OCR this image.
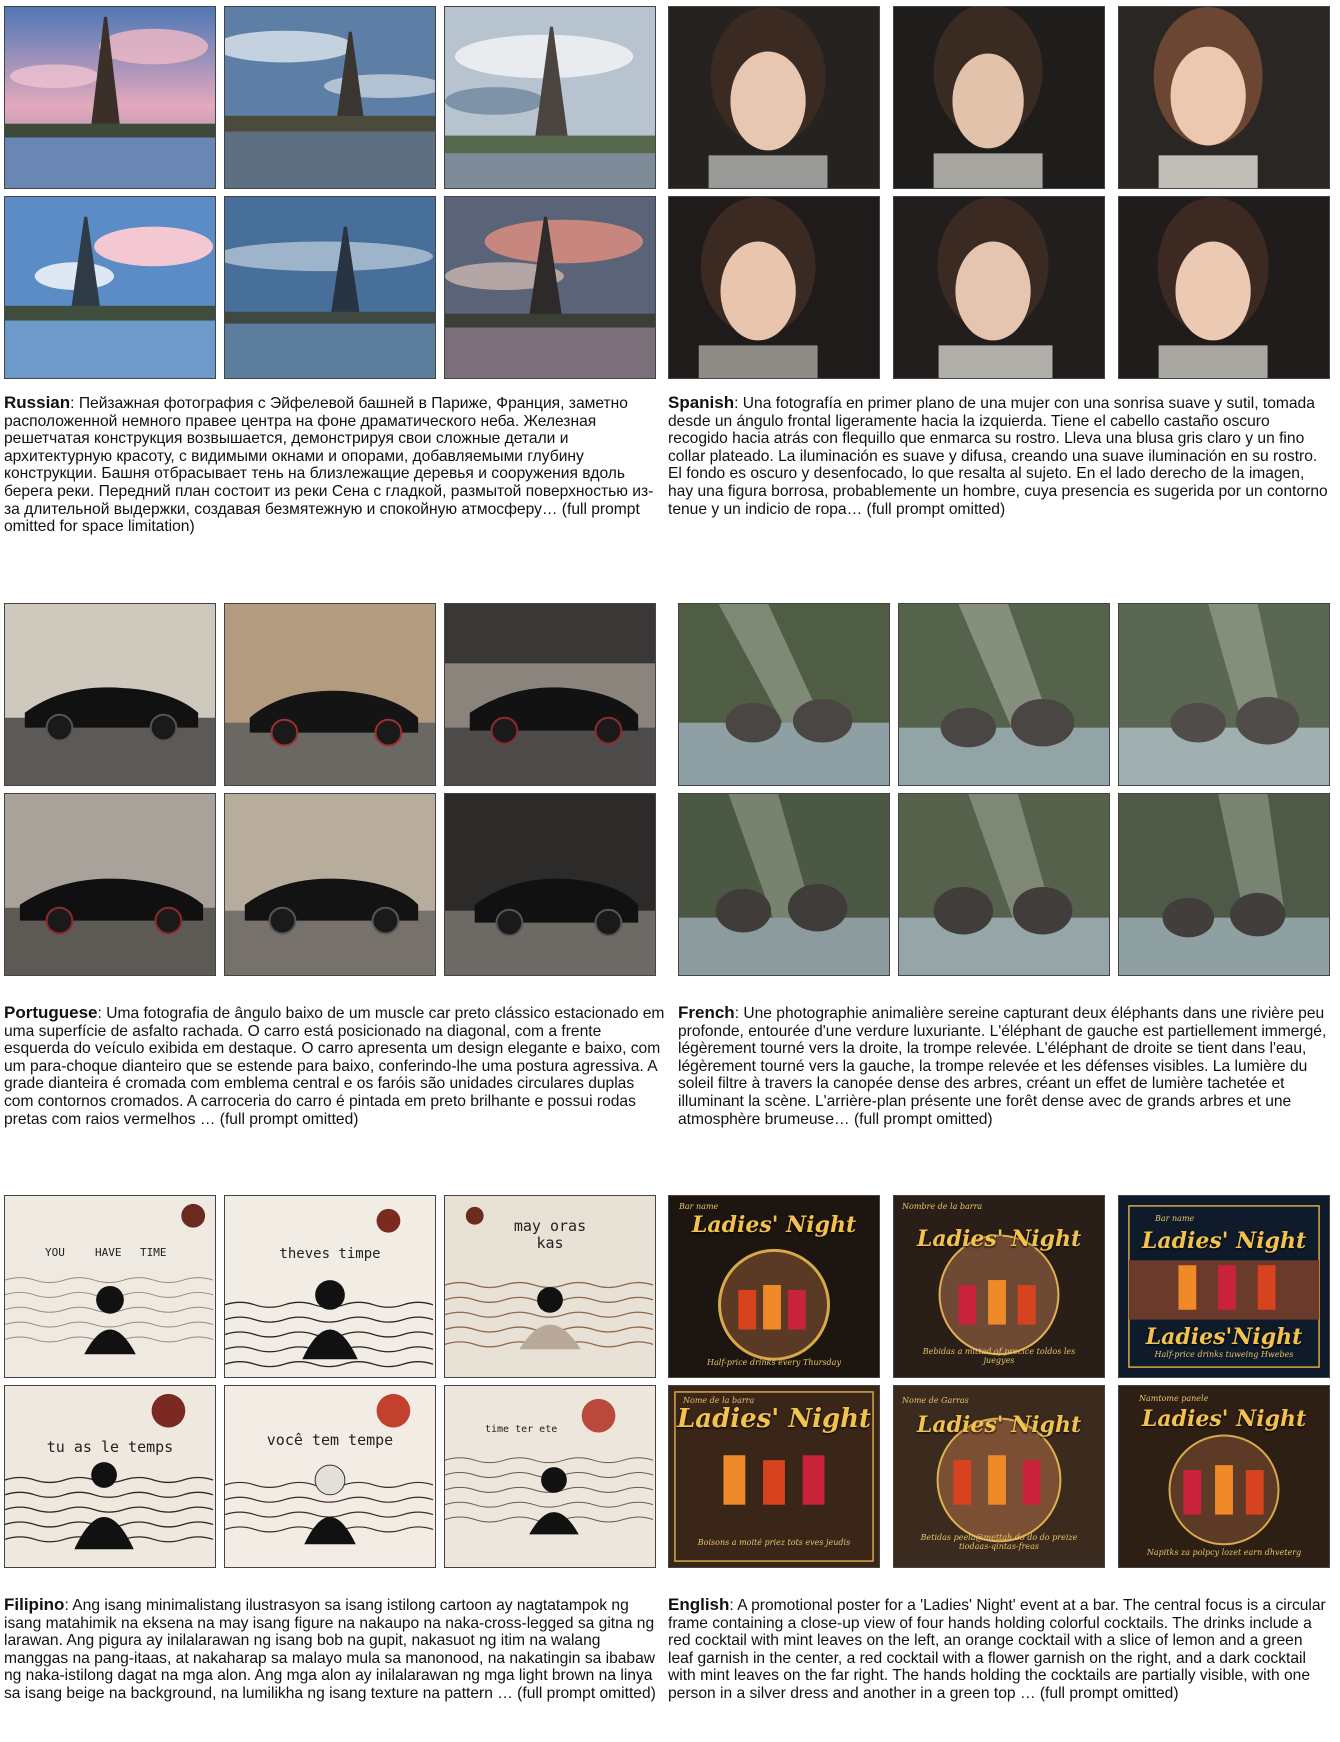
Russian: Пейзажная фотография с Эйфелевой башней в Париже, Франция, заметно расположенной немного правее центра на фоне драматического неба. Железная решетчатая конструкция возвышается, демонстрируя свои сложные детали и архитектурную красоту, с видимыми окнами и опорами, добавляемыми глубину конструкции. Башня отбрасывает тень на близлежащие деревья и сооружения вдоль берега реки. Передний план состоит из реки Сена с гладкой, размытой поверхностью из-за длительной выдержки, создавая безмятежную и спокойную атмосферу… (full prompt omitted for space limitation)
Spanish: Una fotografía en primer plano de una mujer con una sonrisa suave y sutil, tomada desde un ángulo frontal ligeramente hacia la izquierda. Tiene el cabello castaño oscuro recogido hacia atrás con flequillo que enmarca su rostro. Lleva una blusa gris claro y un fino collar plateado. La iluminación es suave y difusa, creando una suave iluminación en su rostro. El fondo es oscuro y desenfocado, lo que resalta al sujeto. En el lado derecho de la imagen, hay una figura borrosa, probablemente un hombre, cuya presencia es sugerida por un contorno tenue y un indicio de ropa… (full prompt omitted)
Portuguese: Uma fotografia de ângulo baixo de um muscle car preto clássico estacionado em uma superfície de asfalto rachada. O carro está posicionado na diagonal, com a frente esquerda do veículo exibida em destaque. O carro apresenta um design elegante e baixo, com um para-choque dianteiro que se estende para baixo, conferindo-lhe uma postura agressiva. A grade dianteira é cromada com emblema central e os faróis são unidades circulares duplas com contornos cromados. A carroceria do carro é pintada em preto brilhante e possui rodas pretas com raios vermelhos … (full prompt omitted)
French: Une photographie animalière sereine capturant deux éléphants dans une rivière peu profonde, entourée d'une verdure luxuriante. L'éléphant de gauche est partiellement immergé, légèrement tourné vers la droite, la trompe relevée. L'éléphant de droite se tient dans l'eau, légèrement tourné vers la gauche, la trompe relevée et les défenses visibles. La lumière du soleil filtre à travers la canopée dense des arbres, créant un effet de lumière tachetée et illuminant la scène. L'arrière-plan présente une forêt dense avec de grands arbres et une atmosphère brumeuse… (full prompt omitted)
YOU	HAVE TIME	theves timpe
may oras
kas
tu as le temps	você tem tempe
time ter ete
Filipino: Ang isang minimalistang ilustrasyon sa isang istilong cartoon ay nagtatampok ng isang matahimik na eksena na may isang figure na nakaupo na naka-cross-legged sa gitna ng larawan. Ang pigura ay inilalarawan ng isang bob na gupit, nakasuot ng itim na walang manggas na pang-itaas, at nakaharap sa malayo mula sa manonood, na nakatingin sa ibabaw ng naka-istilong dagat na mga alon. Ang mga alon ay inilalarawan ng mga light brown na linya sa isang beige na background, na lumilikha ng isang texture na pattern … (full prompt omitted)
Bar name
Ladies' Night
Half-price drinks every Thursday
Nombre de la barra
Ladies' Night
Bebidas a mittad of precice toldos les juegyes
Bar name
Ladies' Night
Ladies'Night
Half-price drinks tuweing Hwebes
Nome de la barra
Ladies' Night
Boisons a moité priez tots eves jeudis
Nome de Garras
Ladies' Night
Betidas peela@mettah do do do preize tiodaas-qintas-freas
Namtome panele
Ladies' Night
Napitks za polpcy lozet earn dhveterg
English: A promotional poster for a 'Ladies' Night' event at a bar. The central focus is a circular frame containing a close-up view of four hands holding colorful cocktails. The drinks include a red cocktail with mint leaves on the left, an orange cocktail with a slice of lemon and a green leaf garnish in the center, a red cocktail with a flower garnish on the right, and a dark cocktail with mint leaves on the far right. The hands holding the cocktails are partially visible, with one person in a silver dress and another in a green top … (full prompt omitted)
